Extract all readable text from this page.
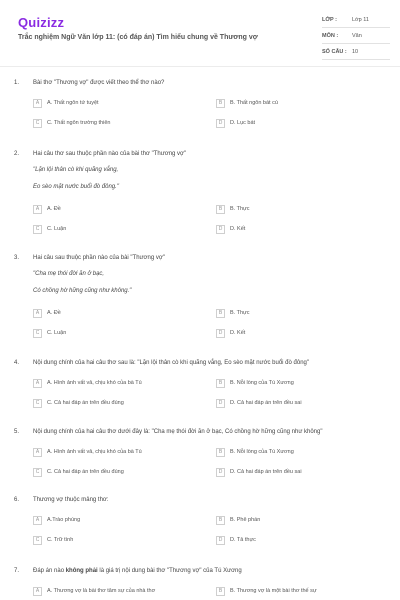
Quizizz
Trắc nghiệm Ngữ Văn lớp 11: (có đáp án) Tìm hiểu chung về Thương vợ
LỚP :	Lớp 11
MÔN :	Văn
SỐ CÂU : 10
1. Bài thơ "Thương vợ" được viết theo thể thơ nào?
A	A. Thất ngôn tứ tuyệt	B	B. Thất ngôn bát cú
C	C. Thất ngôn trường thiên	D	D. Lục bát
2. Hai câu thơ sau thuộc phần nào của bài thơ "Thương vợ"
"Lặn lội thân cò khi quãng vắng,
Eo sèo mặt nước buổi đò đông."
A	A. Đề	B	B. Thực
C	C. Luận	D	D. Kết
3. Hai câu sau thuộc phần nào của bài "Thương vợ"
"Cha mẹ thói đời ăn ở bạc,
Có chồng hờ hững cũng như không."
A	A. Đề	B	B. Thực
C	C. Luận	D	D. Kết
4. Nội dung chính của hai câu thơ sau là: "Lặn lội thân cò khi quãng vắng, Eo sèo mặt nước buổi đò đông"
A	A. Hình ảnh vất vả, chịu khó của bà Tú	B	B. Nỗi lòng của Tú Xương
C	C. Cả hai đáp án trên đều đúng	D	D. Cả hai đáp án trên đều sai
5. Nội dung chính của hai câu thơ dưới đây là: "Cha mẹ thói đời ăn ở bạc, Có chồng hờ hững cũng như không"
A	A. Hình ảnh vất vả, chịu khó của bà Tú	B	B. Nỗi lòng của Tú Xương
C	C. Cả hai đáp án trên đều đúng	D	D. Cả hai đáp án trên đều sai
6. Thương vợ thuộc mảng thơ:
A	A.Trào phúng	B	B. Phê phán
C	C. Trữ tình	D	D. Tả thực
7. Đáp án nào không phải là giá trị nội dung bài thơ "Thương vợ" của Tú Xương
A	A. Thương vợ là bài thơ tâm sự của nhà thơ	B	B. Thương vợ là một bài thơ thế sự
